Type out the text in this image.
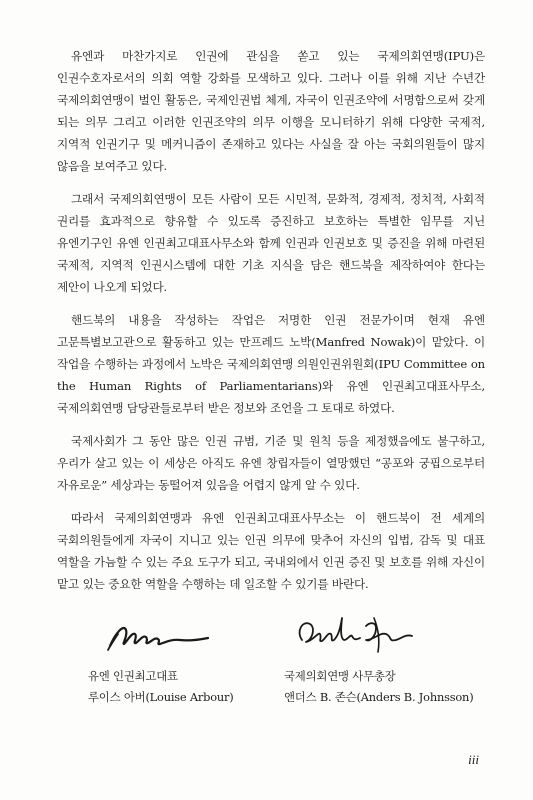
유엔과 마찬가지로 인권에 관심을 쏟고 있는 국제의회연맹(IPU)은 인권수호자로서의 의회 역할 강화를 모색하고 있다. 그러나 이를 위해 지난 수년간 국제의회연맹이 벌인 활동은, 국제인권법 체계, 자국이 인권조약에 서명함으로써 갖게 되는 의무 그리고 이러한 인권조약의 의무 이행을 모니터하기 위해 다양한 국제적, 지역적 인권기구 및 메커니즘이 존재하고 있다는 사실을 잘 아는 국회의원들이 많지 않음을 보여주고 있다.

그래서 국제의회연맹이 모든 사람이 모든 시민적, 문화적, 경제적, 정치적, 사회적 권리를 효과적으로 향유할 수 있도록 증진하고 보호하는 특별한 임무를 지닌 유엔기구인 유엔 인권최고대표사무소와 함께 인권과 인권보호 및 증진을 위해 마련된 국제적, 지역적 인권시스템에 대한 기초 지식을 담은 핸드북을 제작하여야 한다는 제안이 나오게 되었다.

핸드북의 내용을 작성하는 작업은 저명한 인권 전문가이며 현재 유엔 고문특별보고관으로 활동하고 있는 만프레드 노박(Manfred Nowak)이 맡았다. 이 작업을 수행하는 과정에서 노박은 국제의회연맹 의원인권위원회(IPU Committee on the Human Rights of Parliamentarians)와 유엔 인권최고대표사무소, 국제의회연맹 담당관들로부터 받은 정보와 조언을 그 토대로 하였다.

국제사회가 그 동안 많은 인권 규범, 기준 및 원칙 등을 제정했음에도 불구하고, 우리가 살고 있는 이 세상은 아직도 유엔 창립자들이 열망했던 “공포와 궁핍으로부터 자유로운” 세상과는 동떨어져 있음을 어렵지 않게 알 수 있다.

따라서 국제의회연맹과 유엔 인권최고대표사무소는 이 핸드북이 전 세계의 국회의원들에게 자국이 지니고 있는 인권 의무에 맞추어 자신의 입법, 감독 및 대표 역할을 가늠할 수 있는 주요 도구가 되고, 국내외에서 인권 증진 및 보호를 위해 자신이 맡고 있는 중요한 역할을 수행하는 데 일조할 수 있기를 바란다.

유엔 인권최고대표
루이스 아버(Louise Arbour)
국제의회연맹 사무총장
앤더스 B. 존슨(Anders B. Johnsson)
iii
